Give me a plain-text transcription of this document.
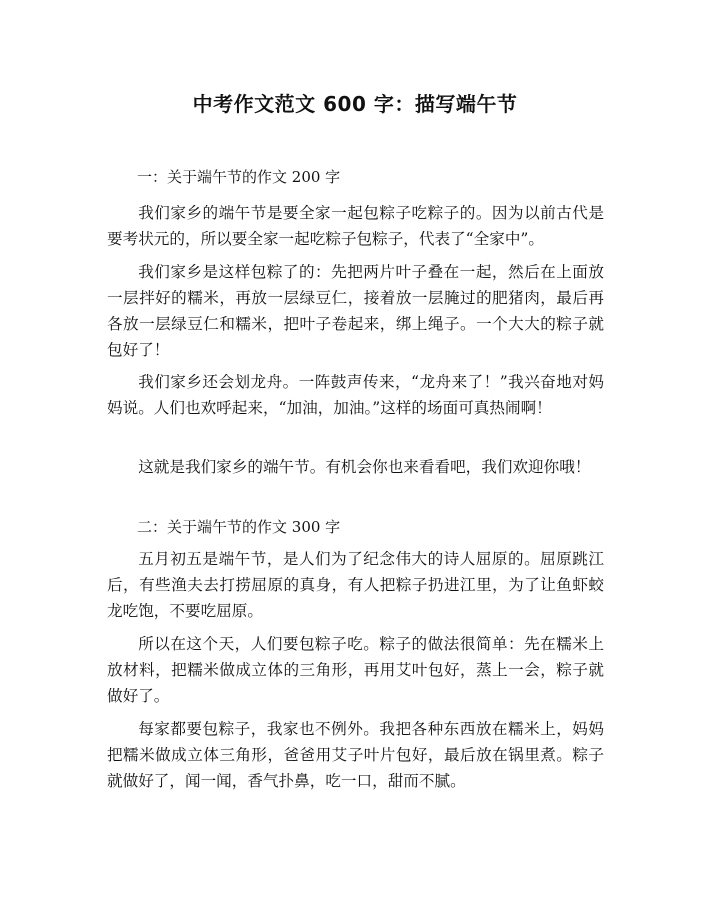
中考作文范文 600 字：描写端午节
一：关于端午节的作文 200 字
我们家乡的端午节是要全家一起包粽子吃粽子的。因为以前古代是要考状元的，所以要全家一起吃粽子包粽子，代表了“全家中”。
我们家乡是这样包粽了的：先把两片叶子叠在一起，然后在上面放一层拌好的糯米，再放一层绿豆仁，接着放一层腌过的肥猪肉，最后再各放一层绿豆仁和糯米，把叶子卷起来，绑上绳子。一个大大的粽子就包好了！
我们家乡还会划龙舟。一阵鼓声传来，“龙舟来了！”我兴奋地对妈妈说。人们也欢呼起来，“加油，加油。”这样的场面可真热闹啊！
这就是我们家乡的端午节。有机会你也来看看吧，我们欢迎你哦！
二：关于端午节的作文 300 字
五月初五是端午节，是人们为了纪念伟大的诗人屈原的。屈原跳江后，有些渔夫去打捞屈原的真身，有人把粽子扔进江里，为了让鱼虾蛟龙吃饱，不要吃屈原。
所以在这个天，人们要包粽子吃。粽子的做法很简单：先在糯米上放材料，把糯米做成立体的三角形，再用艾叶包好，蒸上一会，粽子就做好了。
每家都要包粽子，我家也不例外。我把各种东西放在糯米上，妈妈把糯米做成立体三角形，爸爸用艾子叶片包好，最后放在锅里煮。粽子就做好了，闻一闻，香气扑鼻，吃一口，甜而不腻。
